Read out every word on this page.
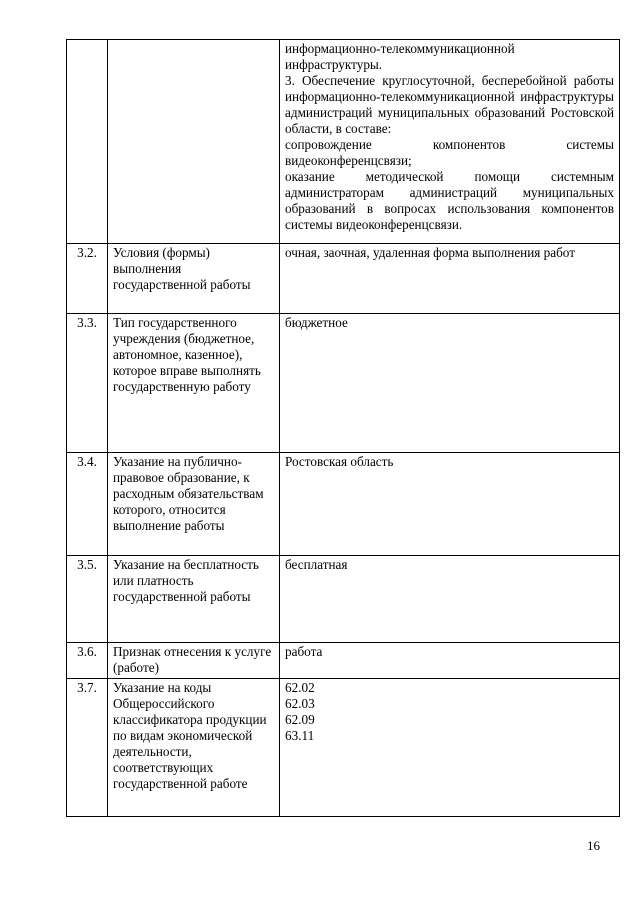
		информационно-телекоммуникационной инфраструктуры.
3. Обеспечение круглосуточной, бесперебойной работы информационно-телекоммуникационной инфраструктуры администраций муниципальных образований Ростовской области, в составе:
сопровождение компонентов системы видеоконференцсвязи;
оказание методической помощи системным администраторам администраций муниципальных образований в вопросах использования компонентов системы видеоконференцсвязи.

3.2.	Условия (формы) выполнения государственной работы	очная, заочная, удаленная форма выполнения работ

3.3.	Тип государственного учреждения (бюджетное, автономное, казенное), которое вправе выполнять государственную работу	бюджетное

3.4.	Указание на публично-правовое образование, к расходным обязательствам которого, относится выполнение работы	Ростовская область

3.5.	Указание на бесплатность или платность государственной работы	бесплатная

3.6.	Признак отнесения к услуге (работе)	работа

3.7.	Указание на коды Общероссийского классификатора продукции по видам экономической деятельности, соответствующих государственной работе	62.02
62.03
62.09
63.11
16
